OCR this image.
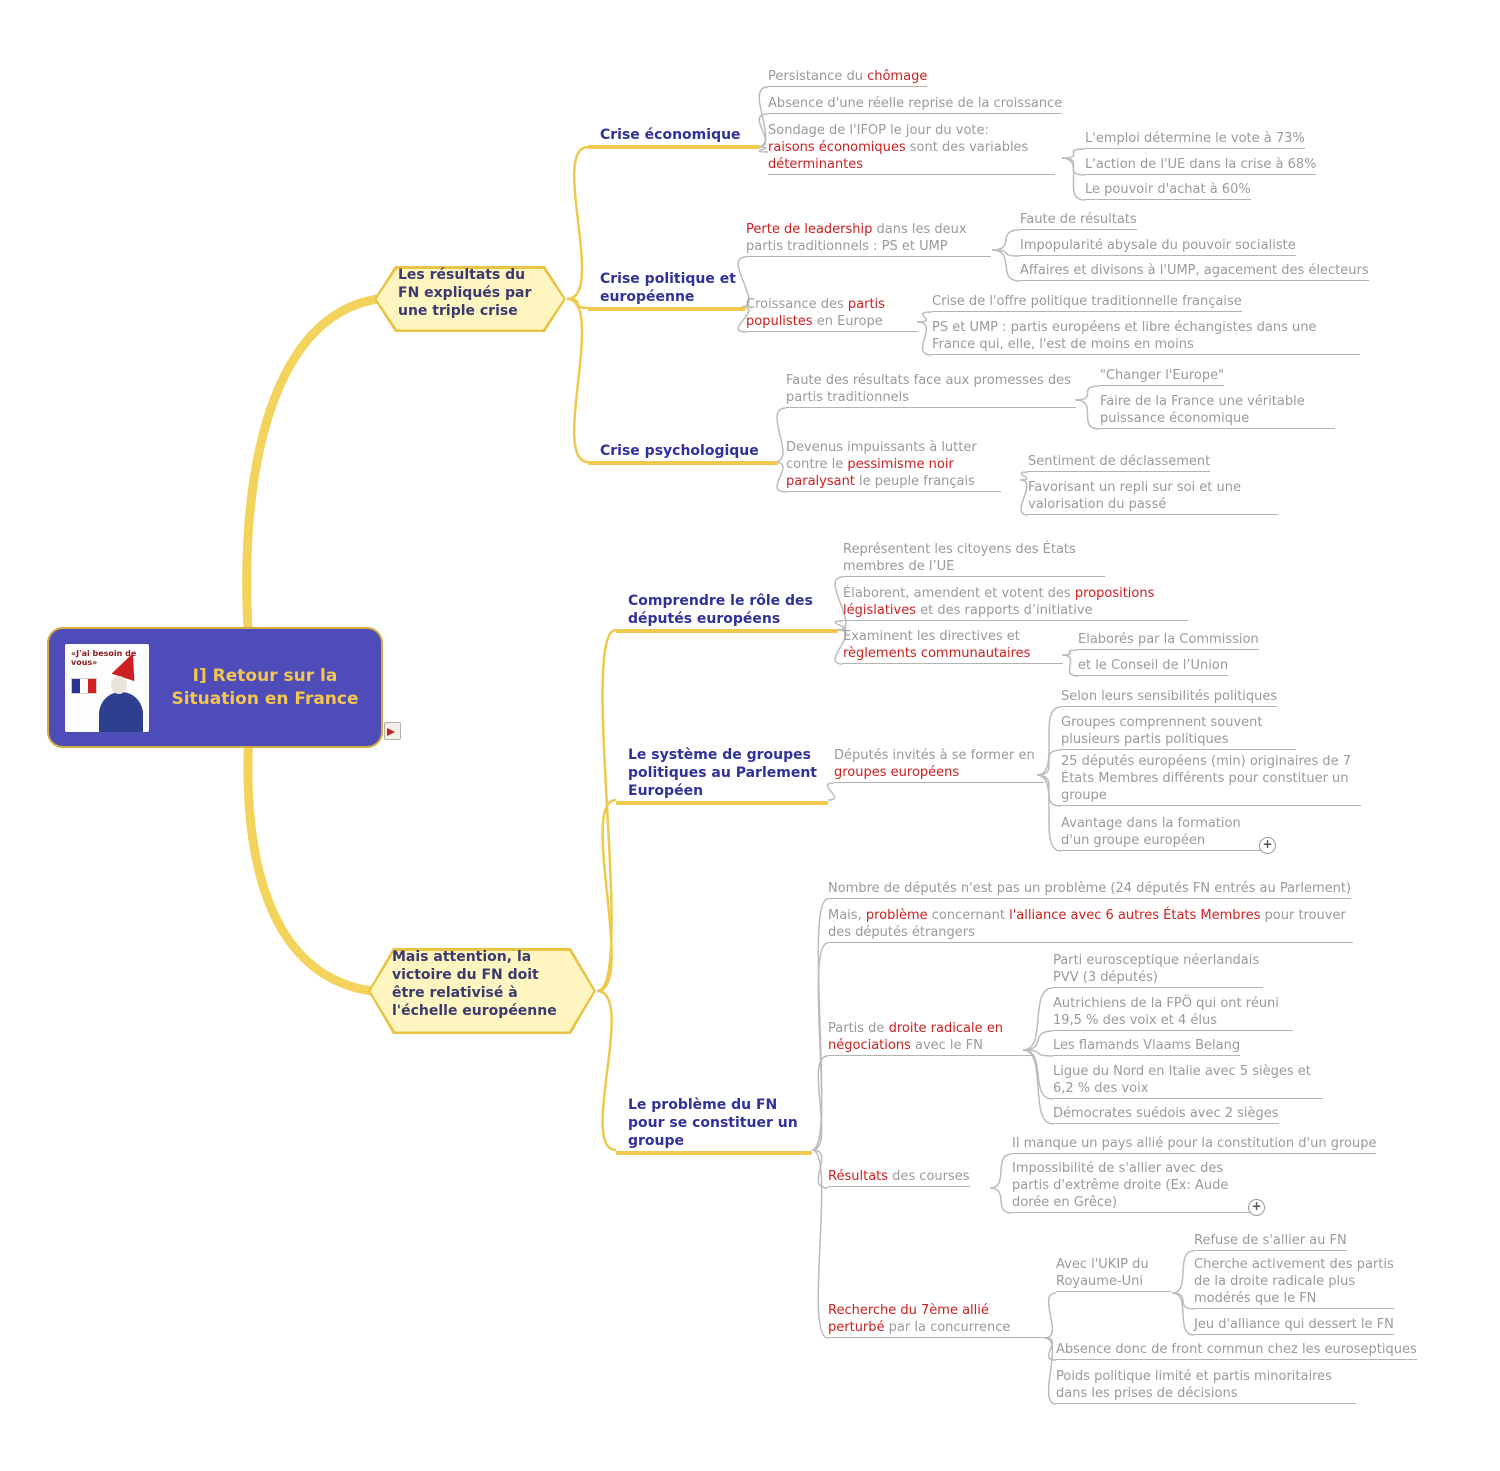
«J'ai besoin de vous»
I] Retour sur la Situation en France
Les résultats du FN expliqués par une triple crise
Mais attention, la victoire du FN doit être relativisé à l'échelle européenne
Crise économique
Crise politique et européenne
Crise psychologique
Comprendre le rôle des députés européens
Le système de groupes politiques au Parlement Européen
Le problème du FN pour se constituer un groupe
Persistance du chômage
Absence d'une réelle reprise de la croissance
Sondage de l'IFOP le jour du vote:
raisons économiques sont des variables
déterminantes
L'emploi détermine le vote à 73%
L'action de l'UE dans la crise à 68%
Le pouvoir d'achat à 60%
Perte de leadership dans les deux partis traditionnels : PS et UMP
Faute de résultats
Impopularité abysale du pouvoir socialiste
Affaires et divisons à l'UMP, agacement des électeurs
Croissance des partis populistes en Europe
Crise de l'offre politique traditionnelle française
PS et UMP : partis européens et libre échangistes dans une France qui, elle, l'est de moins en moins
Faute des résultats face aux promesses des partis traditionnels
"Changer l'Europe"
Faire de la France une véritable puissance économique
Devenus impuissants à lutter contre le pessimisme noir paralysant le peuple français
Sentiment de déclassement
Favorisant un repli sur soi et une valorisation du passé
Représentent les citoyens des États membres de l’UE
Élaborent, amendent et votent des propositions législatives et des rapports d’initiative
Examinent les directives et règlements communautaires
Elaborés par la Commission
et le Conseil de l’Union
Députés invités à se former en groupes européens
Selon leurs sensibilités politiques
Groupes comprennent souvent plusieurs partis politiques
25 députés européens (min) originaires de 7 États Membres différents pour constituer un groupe
Avantage dans la formation d'un groupe européen	+
Nombre de députés n'est pas un problème (24 députés FN entrés au Parlement)
Mais, problème concernant l'alliance avec 6 autres États Membres pour trouver des députés étrangers
Partis de droite radicale en négociations avec le FN
Parti eurosceptique néerlandais PVV (3 députés)
Autrichiens de la FPÖ qui ont réuni 19,5 % des voix et 4 élus
Les flamands Vlaams Belang
Ligue du Nord en Italie avec 5 sièges et 6,2 % des voix
Démocrates suédois avec 2 sièges
Résultats des courses
Il manque un pays allié pour la constitution d'un groupe
Impossibilité de s'allier avec des partis d'extrême droite (Ex: Aude dorée en Grêce)	+
Recherche du 7ème allié perturbé par la concurrence
Avec l'UKIP du Royaume-Uni
Refuse de s'allier au FN
Cherche activement des partis de la droite radicale plus modérés que le FN
Jeu d'alliance qui dessert le FN
Absence donc de front commun chez les euroseptiques
Poids politique limité et partis minoritaires dans les prises de décisions
